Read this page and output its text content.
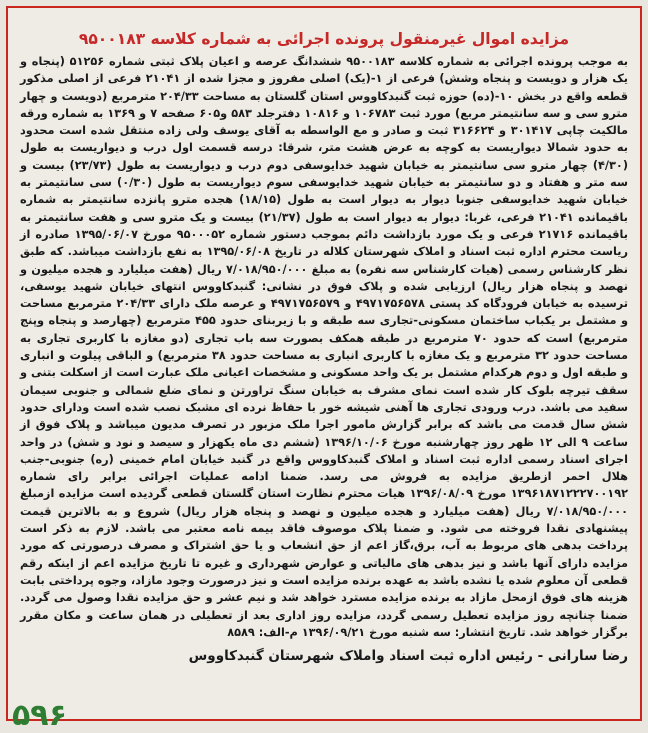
مزایده اموال غیرمنقول پرونده اجرائی به شماره کلاسه ۹۵۰۰۱۸۳
به موجب پرونده اجرائی به شماره کلاسه ۹۵۰۰۱۸۳ ششدانگ عرصه و اعیان پلاک ثبتی شماره ۵۱۲۵۶ (پنجاه و یک هزار و دویست و پنجاه وشش) فرعی از ۱-(یک) اصلی مفروز و مجزا شده از ۲۱۰۴۱ فرعی از اصلی مذکور قطعه واقع در بخش ۱۰-(ده) حوزه ثبت گنبدکاووس استان گلستان به مساحت ۲۰۴/۳۳ مترمربع (دویست و چهار مترو سی و سه سانتیمتر مربع) مورد ثبت ۱۰۶۷۸۳ و ۱۰۸۱۶ دفترجلد ۵۸۳ و۶۰۵ صفحه ۷ و ۱۳۶۹ به شماره ورقه مالکیت چاپی ۳۰۱۴۱۷ و ۳۱۶۶۲۴ ثبت و صادر و مع الواسطه به آقای یوسف ولی زاده منتقل شده است محدود به حدود شمالا دیواریست به کوچه به عرض هشت متر، شرقا: درسه قسمت اول درب و دیواریست به طول (۴/۳۰) چهار مترو سی سانتیمتر به خیابان شهید خدایوسفی دوم درب و دیواریست به طول (۲۳/۷۳) بیست و سه متر و هفتاد و دو سانتیمتر به خیابان شهید خدایوسفی سوم دیواریست به طول (۰/۳۰) سی سانتیمتر به خیابان شهید خدایوسفی جنوبا دیوار به دیوار است به طول (۱۸/۱۵) هجده مترو پانزده سانتیمتر به شماره باقیمانده ۲۱۰۴۱ فرعی، غربا: دیوار به دیوار است به طول (۲۱/۳۷) بیست و یک مترو سی و هفت سانتیمتر به باقیمانده ۲۱۷۱۶ فرعی و یک مورد بازداشت دائم بموجب دستور شماره ۹۵۰۰۰۵۲ مورخ ۱۳۹۵/۰۶/۰۷ صادره از ریاست محترم اداره ثبت اسناد و املاک شهرستان کلاله در تاریخ ۱۳۹۵/۰۶/۰۸ به نفع بازداشت میباشد. که طبق نظر کارشناس رسمی (هیات کارشناس سه نفره) به مبلغ ۷/۰۱۸/۹۵۰/۰۰۰ ریال (هفت میلیارد و هجده میلیون و نهصد و پنجاه هزار ریال) ارزیابی شده و پلاک فوق در نشانی: گنبدکاووس انتهای خیابان شهید یوسفی، ترسیده به خیابان فرودگاه کد پستی ۴۹۷۱۷۵۶۵۷۸ و ۴۹۷۱۷۵۶۵۷۹ و عرصه ملک دارای ۲۰۴/۳۳ مترمربع مساحت و مشتمل بر یکباب ساختمان مسکونی-تجاری سه طبقه و با زیربنای حدود ۴۵۵ مترمربع (چهارصد و پنجاه وپنج مترمربع) است که حدود ۷۰ مترمربع در طبقه همکف بصورت سه باب تجاری (دو مغازه با کاربری تجاری به مساحت حدود ۳۲ مترمربع و یک مغازه با کاربری انباری به مساحت حدود ۳۸ مترمربع) و الباقی پیلوت و انباری و طبقه اول و دوم هرکدام مشتمل بر یک واحد مسکونی و مشخصات اعیانی ملک عبارت است از اسکلت بتنی و سقف تیرچه بلوک کار شده است نمای مشرف به خیابان سنگ تراورتن و نمای ضلع شمالی و جنوبی سیمان سفید می باشد. درب ورودی تجاری ها آهنی شیشه خور با حفاظ نرده ای مشبک نصب شده است ودارای حدود شش سال قدمت می باشد که برابر گزارش مامور اجرا ملک مزبور در تصرف مدیون میباشد و پلاک فوق از ساعت ۹ الی ۱۲ ظهر روز چهارشنبه مورخ ۱۳۹۶/۱۰/۰۶ (ششم دی ماه یکهزار و سیصد و نود و شش) در واحد اجرای اسناد رسمی اداره ثبت اسناد و املاک گنبدکاووس واقع در گنبد خیابان امام خمینی (ره) جنوبی-جنب هلال احمر ازطریق مزایده به فروش می رسد. ضمنا ادامه عملیات اجرائی برابر رای شماره ۱۳۹۶۱۸۷۱۲۲۲۷۰۰۱۹۲ مورخ ۱۳۹۶/۰۸/۰۹ هیات محترم نظارت استان گلستان قطعی گردیده است مزایده ازمبلغ ۷/۰۱۸/۹۵۰/۰۰۰ ریال (هفت میلیارد و هجده میلیون و نهصد و پنجاه هزار ریال) شروع و به بالاترین قیمت پیشنهادی نقدا فروخته می شود. و ضمنا پلاک موصوف فاقد بیمه نامه معتبر می باشد. لازم به ذکر است پرداخت بدهی های مربوط به آب، برق،گاز اعم از حق انشعاب و یا حق اشتراک و مصرف درصورتی که مورد مزایده دارای آنها باشد و نیز بدهی های مالیاتی و عوارض شهرداری و غیره تا تاریخ مزایده اعم از اینکه رقم قطعی آن معلوم شده یا نشده باشد به عهده برنده مزایده است و نیز درصورت وجود مازاد، وجوه پرداختی بابت هزینه های فوق ازمحل مازاد به برنده مزایده مسترد خواهد شد و نیم عشر و حق مزایده نقدا وصول می گردد. ضمنا چنانچه روز مزایده تعطیل رسمی گردد، مزایده روز اداری بعد از تعطیلی در همان ساعت و مکان مقرر برگزار خواهد شد. تاریخ انتشار: سه شنبه مورخ ۱۳۹۶/۰۹/۲۱ م-الف: ۸۵۸۹
رضا سارانی - رئیس اداره ثبت اسناد واملاک شهرستان گنبدکاووس
۵۹۶
